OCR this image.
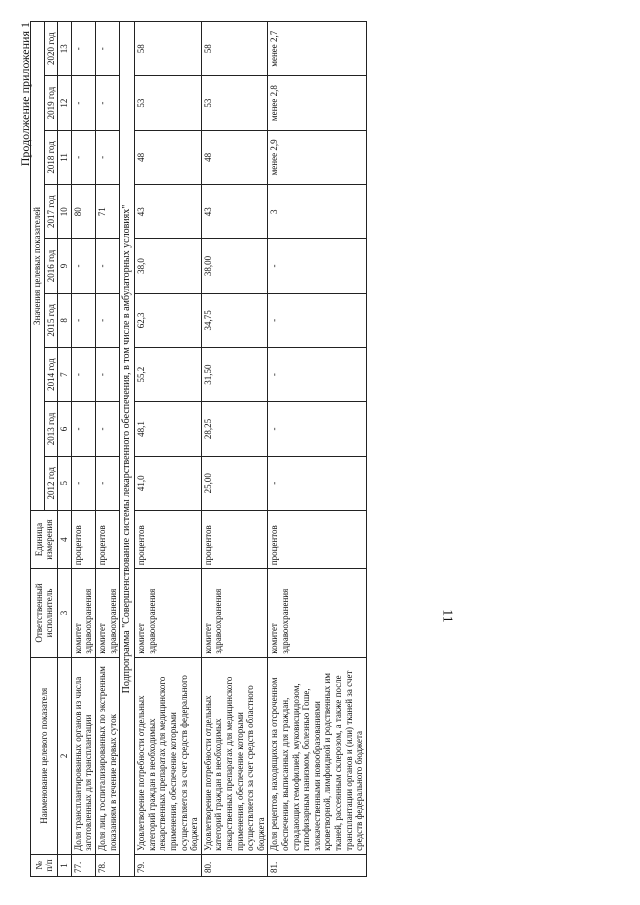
Продолжение приложения 1
№ п/п	Наименование целевого показателя	Ответственный исполнитель	Единица измерения	Значения целевых показателей								
				2012 год	2013 год	2014 год	2015 год	2016 год	2017 год	2018 год	2019 год	2020 год
1	2	3	4	5	6	7	8	9	10	11	12	13
77.	Доля трансплантированных органов из числа заготовленных для трансплантации	комитет здравоохранения	процентов	-	-	-	-	-	80	-	-	-
78.	Доля лиц, госпитализированных по экстренным показаниям в течение первых суток	комитет здравоохранения	процентов	-	-	-	-	-	71	-	-	-
Подпрограмма "Совершенствование системы лекарственного обеспечения, в том числе в амбулаторных условиях"												
79.	Удовлетворение потребности отдельных категорий граждан в необходимых лекарственных препаратах для медицинского применения, обеспечение которыми осуществляется за счет средств федерального бюджета	комитет здравоохранения	процентов	41,0	48,1	55,2	62,3	38,0	43	48	53	58
80.	Удовлетворение потребности отдельных категорий граждан в необходимых лекарственных препаратах для медицинского применения, обеспечение которыми осуществляется за счет средств областного бюджета	комитет здравоохранения	процентов	25,00	28,25	31,50	34,75	38,00	43	48	53	58
81.	Доля рецептов, находящихся на отсроченном обеспечении, выписанных для граждан, страдающих гемофилией, муковисцидозом, гипофизарным нанизмом, болезнью Гоше, злокачественными новообразованиями кроветворной, лимфоидной и родственных им тканей, рассеянным склерозом, а также после трансплантации органов и (или) тканей за счет средств федерального бюджета	комитет здравоохранения	процентов	-	-	-	-	-	3	менее 2,9	менее 2,8	менее 2,7
11
